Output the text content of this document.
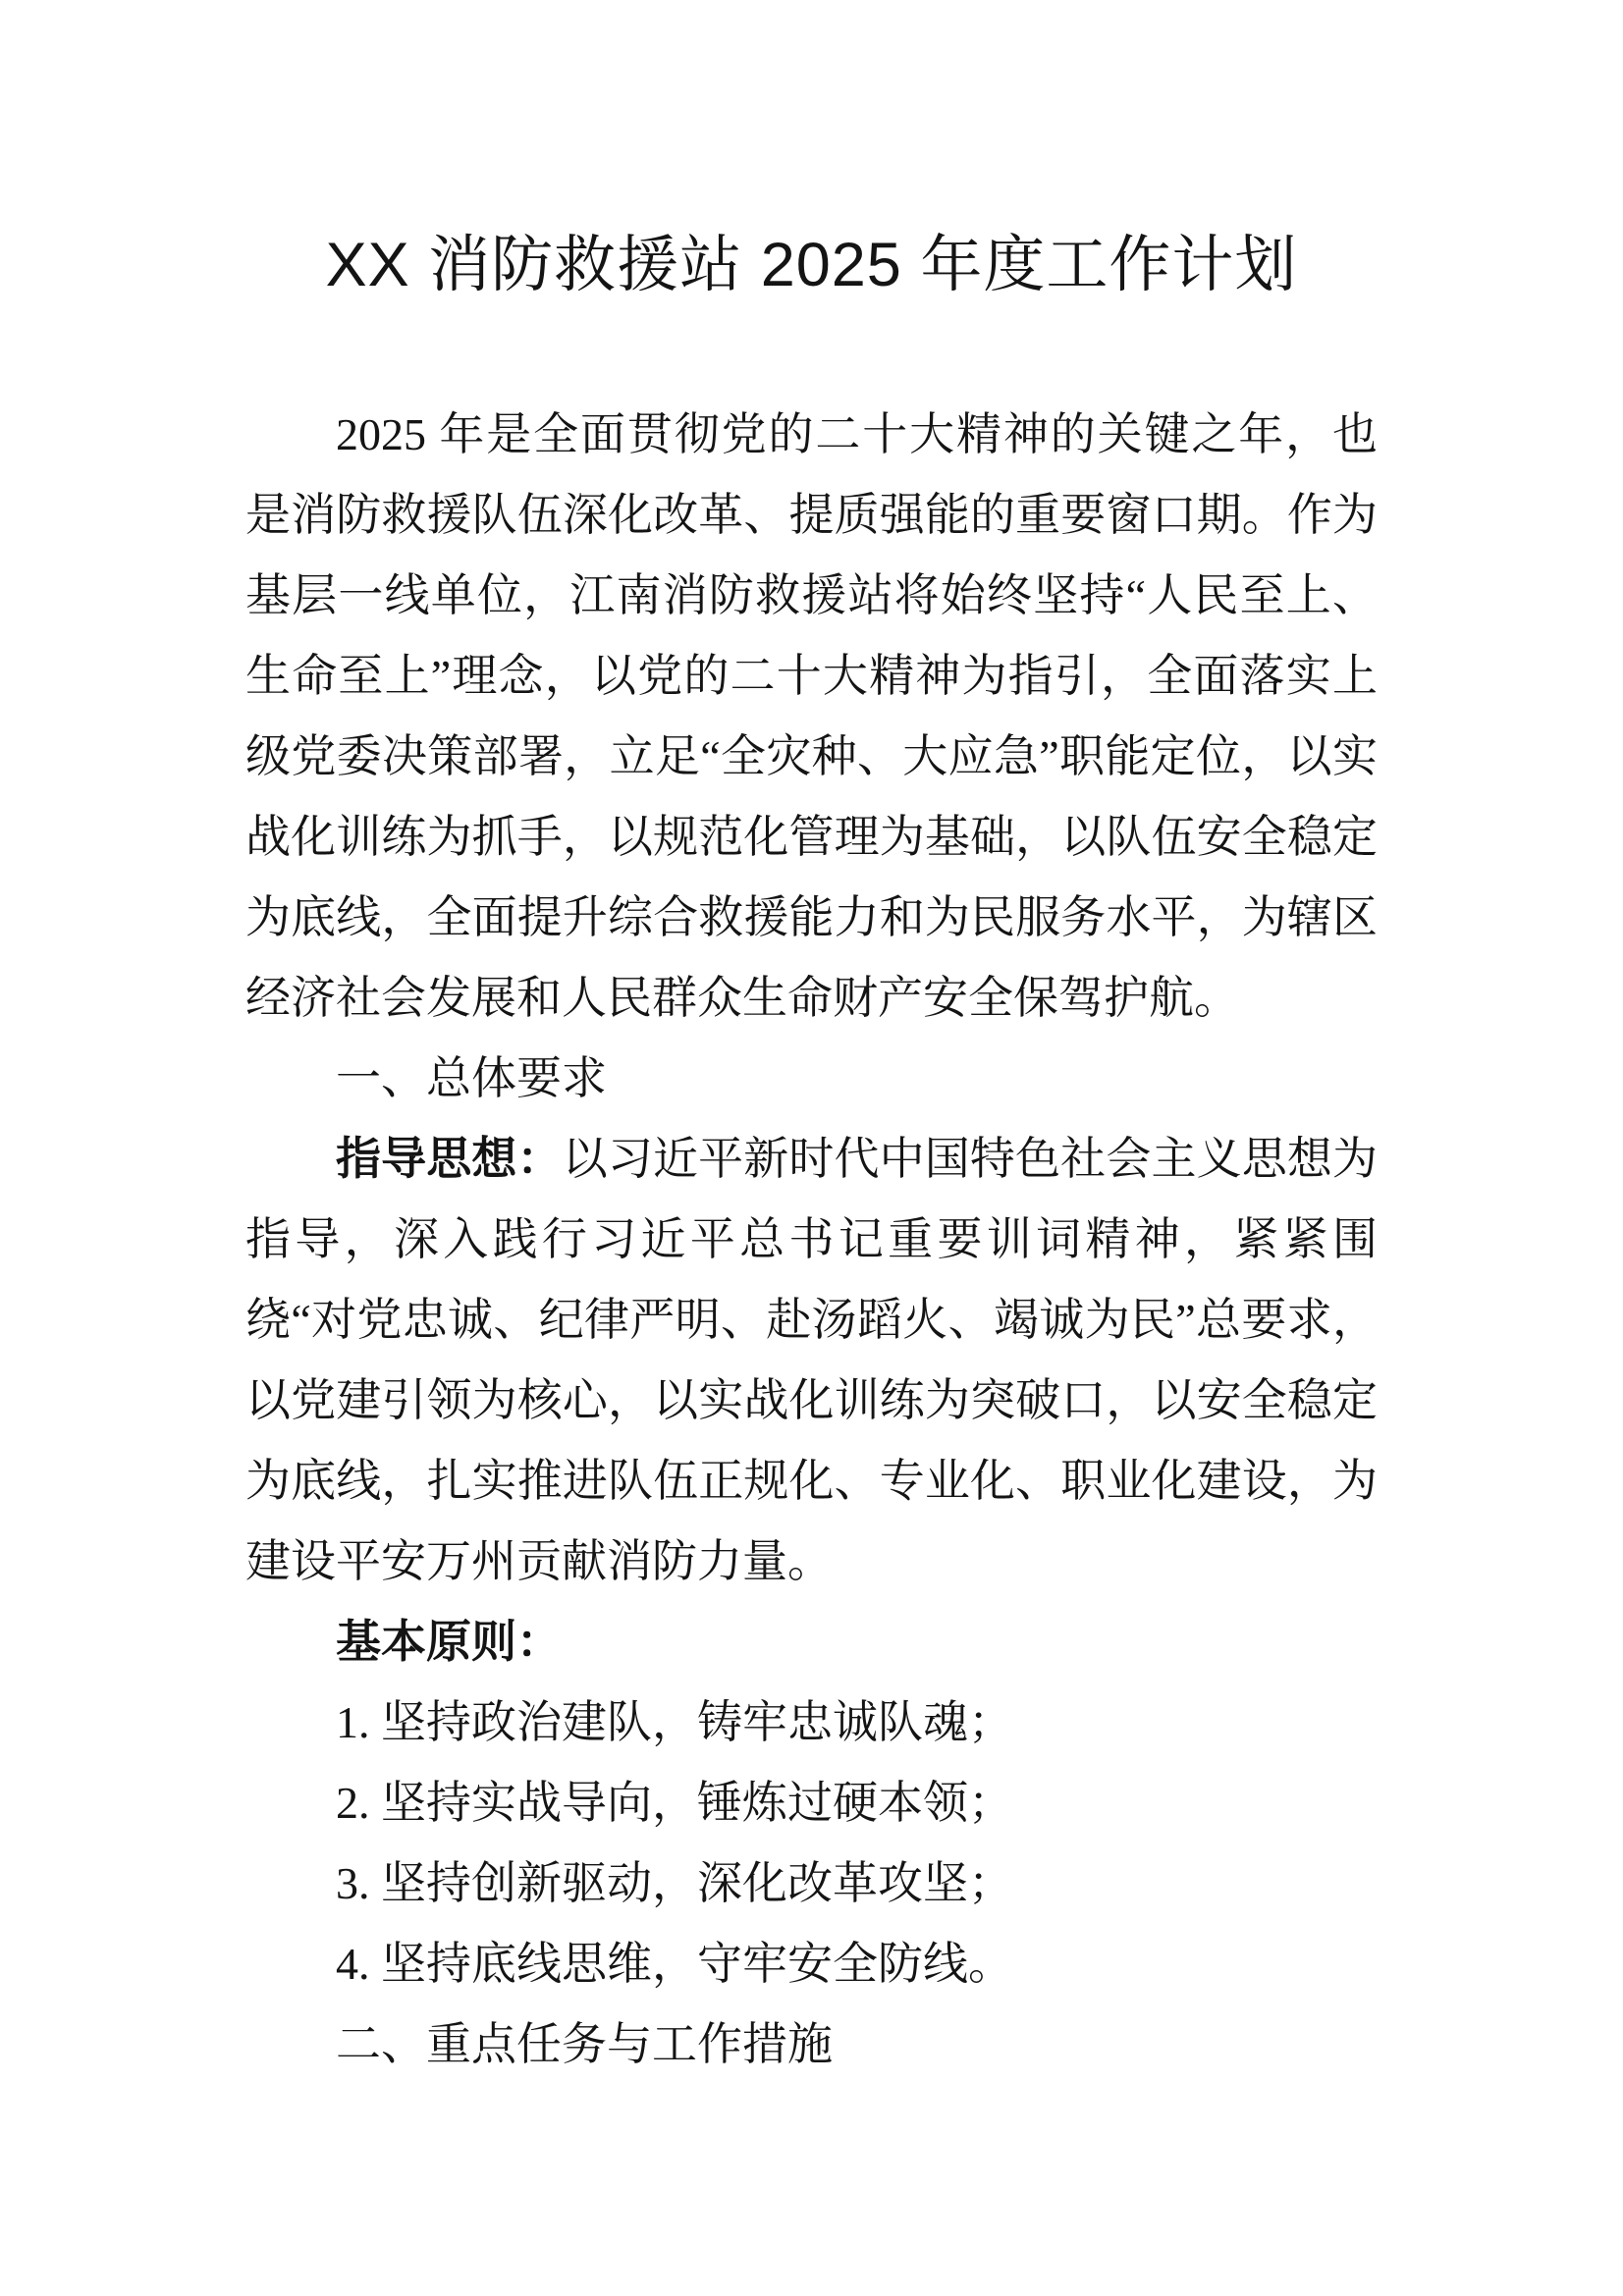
XX 消防救援站 2025 年度工作计划

2025 年是全面贯彻党的二十大精神的关键之年，也是消防救援队伍深化改革、提质强能的重要窗口期。作为基层一线单位，江南消防救援站将始终坚持“人民至上、生命至上”理念，以党的二十大精神为指引，全面落实上级党委决策部署，立足“全灾种、大应急”职能定位，以实战化训练为抓手，以规范化管理为基础，以队伍安全稳定为底线，全面提升综合救援能力和为民服务水平，为辖区经济社会发展和人民群众生命财产安全保驾护航。

一、总体要求

指导思想：以习近平新时代中国特色社会主义思想为指导，深入践行习近平总书记重要训词精神，紧紧围绕“对党忠诚、纪律严明、赴汤蹈火、竭诚为民”总要求，以党建引领为核心，以实战化训练为突破口，以安全稳定为底线，扎实推进队伍正规化、专业化、职业化建设，为建设平安万州贡献消防力量。

基本原则：

1. 坚持政治建队，铸牢忠诚队魂；

2. 坚持实战导向，锤炼过硬本领；

3. 坚持创新驱动，深化改革攻坚；

4. 坚持底线思维，守牢安全防线。

二、重点任务与工作措施
